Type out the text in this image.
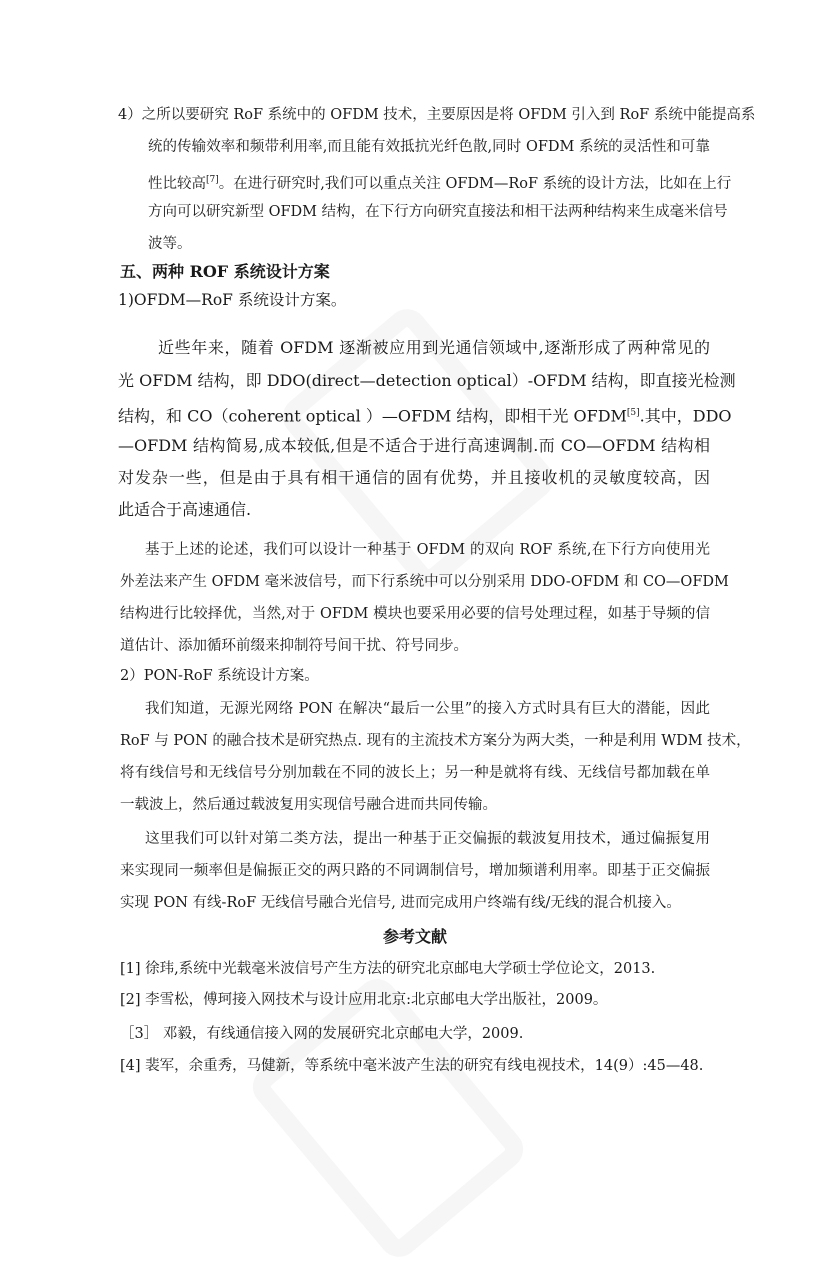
4）之所以要研究 RoF 系统中的 OFDM 技术，主要原因是将 OFDM 引入到 RoF 系统中能提高系
统的传输效率和频带利用率,而且能有效抵抗光纤色散,同时 OFDM 系统的灵活性和可靠
性比较高[7]。在进行研究时,我们可以重点关注 OFDM—RoF 系统的设计方法，比如在上行
方向可以研究新型 OFDM 结构，在下行方向研究直接法和相干法两种结构来生成毫米信号
波等。
五、两种 ROF 系统设计方案
1)OFDM—RoF 系统设计方案。
近些年来，随着 OFDM 逐渐被应用到光通信领域中,逐渐形成了两种常见的
光 OFDM 结构，即 DDO(direct—detection optical）-OFDM 结构，即直接光检测
结构，和 CO（coherent optical ）—OFDM 结构，即相干光 OFDM[5].其中，DDO
—OFDM 结构简易,成本较低,但是不适合于进行高速调制.而 CO—OFDM 结构相
对发杂一些，但是由于具有相干通信的固有优势，并且接收机的灵敏度较高，因
此适合于高速通信.
基于上述的论述，我们可以设计一种基于 OFDM 的双向 ROF 系统,在下行方向使用光
外差法来产生 OFDM 毫米波信号，而下行系统中可以分别采用 DDO-OFDM 和 CO—OFDM
结构进行比较择优，当然,对于 OFDM 模块也要采用必要的信号处理过程，如基于导频的信
道估计、添加循环前缀来抑制符号间干扰、符号同步。
2）PON-RoF 系统设计方案。
我们知道，无源光网络 PON 在解决“最后一公里”的接入方式时具有巨大的潜能，因此
RoF 与 PON 的融合技术是研究热点. 现有的主流技术方案分为两大类，一种是利用 WDM 技术，
将有线信号和无线信号分别加载在不同的波长上；另一种是就将有线、无线信号都加载在单
一载波上，然后通过载波复用实现信号融合进而共同传输。
这里我们可以针对第二类方法，提出一种基于正交偏振的载波复用技术，通过偏振复用
来实现同一频率但是偏振正交的两只路的不同调制信号，增加频谱利用率。即基于正交偏振
实现 PON 有线-RoF 无线信号融合光信号, 进而完成用户终端有线/无线的混合机接入。
参考文献
[1] 徐玮,系统中光载毫米波信号产生方法的研究北京邮电大学硕士学位论文，2013.
[2] 李雪松，傅珂接入网技术与设计应用北京:北京邮电大学出版社，2009。
［3］ 邓毅，有线通信接入网的发展研究北京邮电大学，2009.
[4] 裴军，余重秀，马健新，等系统中毫米波产生法的研究有线电视技术，14(9）:45—48.
